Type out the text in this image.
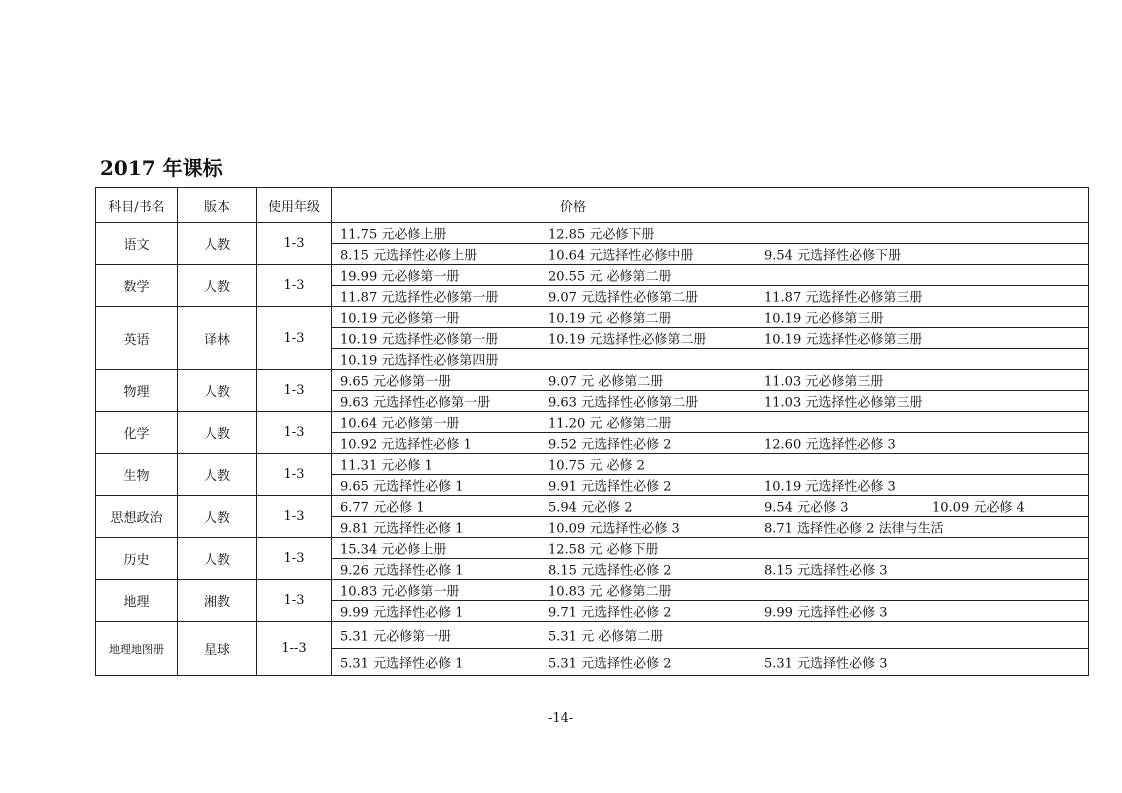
2017 年课标
科目/书名	版本	使用年级	价格
语文	人教	1-3	11.75 元必修上册 12.85 元必修下册

			8.15 元选择性必修上册 10.64 元选择性必修中册 9.54 元选择性必修下册

数学	人教	1-3	19.99 元必修第一册 20.55 元 必修第二册

			11.87 元选择性必修第一册 9.07 元选择性必修第二册 11.87 元选择性必修第三册

英语	译林	1-3	10.19 元必修第一册 10.19 元 必修第二册 10.19 元必修第三册

			10.19 元选择性必修第一册 10.19 元选择性必修第二册 10.19 元选择性必修第三册

			10.19 元选择性必修第四册

物理	人教	1-3	9.65 元必修第一册 9.07 元 必修第二册 11.03 元必修第三册

			9.63 元选择性必修第一册 9.63 元选择性必修第二册 11.03 元选择性必修第三册

化学	人教	1-3	10.64 元必修第一册 11.20 元 必修第二册

			10.92 元选择性必修 1 9.52 元选择性必修 2 12.60 元选择性必修 3

生物	人教	1-3	11.31 元必修 1 10.75 元 必修 2

			9.65 元选择性必修 1 9.91 元选择性必修 2 10.19 元选择性必修 3

思想政治	人教	1-3	6.77 元必修 1 5.94 元必修 2 9.54 元必修 3 10.09 元必修 4

			9.81 元选择性必修 1 10.09 元选择性必修 3 8.71 选择性必修 2 法律与生活

历史	人教	1-3	15.34 元必修上册 12.58 元 必修下册

			9.26 元选择性必修 1 8.15 元选择性必修 2 8.15 元选择性必修 3

地理	湘教	1-3	10.83 元必修第一册 10.83 元 必修第二册

			9.99 元选择性必修 1 9.71 元选择性必修 2 9.99 元选择性必修 3

地理地图册	星球	1--3	5.31 元必修第一册 5.31 元 必修第二册

			5.31 元选择性必修 1 5.31 元选择性必修 2 5.31 元选择性必修 3
-14-
